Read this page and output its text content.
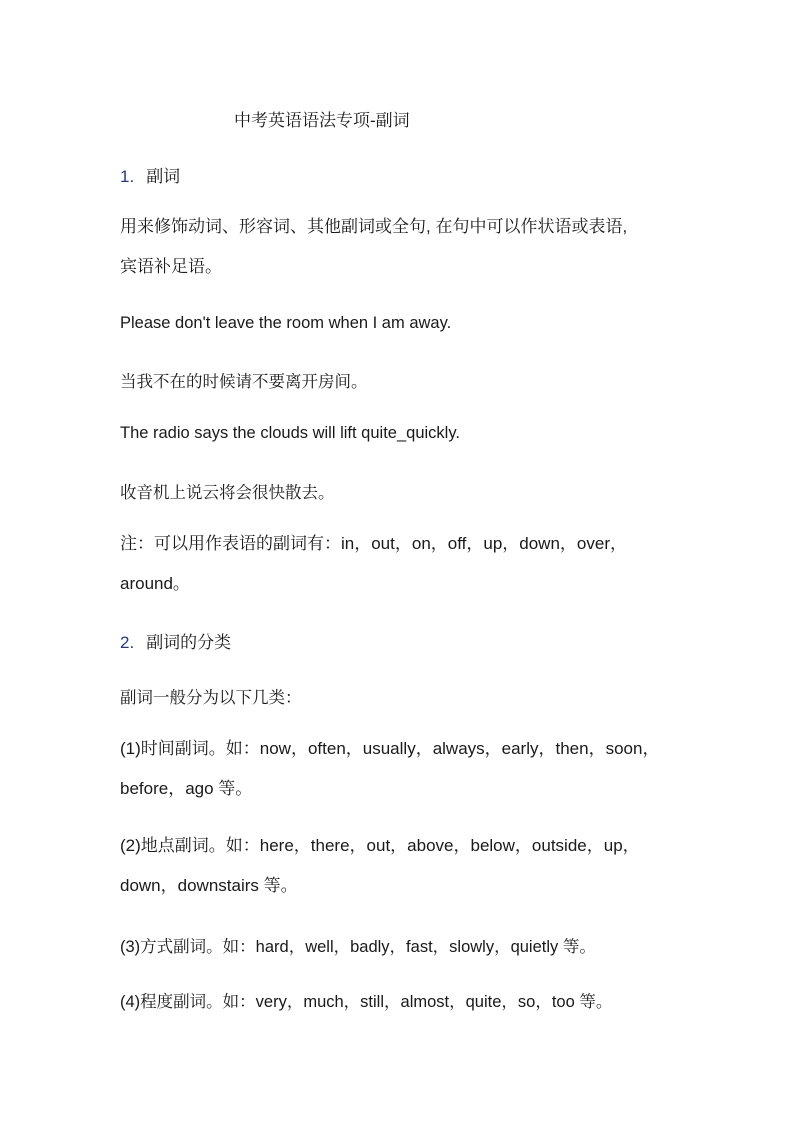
中考英语语法专项-副词
1. 副词
用来修饰动词、形容词、其他副词或全句, 在句中可以作状语或表语,
宾语补足语。
Please don't leave the room when I am away.
当我不在的时候请不要离开房间。
The radio says the clouds will lift quite_quickly.
收音机上说云将会很快散去。
注：可以用作表语的副词有：in，out，on，off，up，down，over，
around。
2. 副词的分类
副词一般分为以下几类：
(1)时间副词。如：now，often，usually，always，early，then，soon，
before，ago 等。
(2)地点副词。如：here，there，out，above，below，outside，up，
down，downstairs 等。
(3)方式副词。如：hard，well，badly，fast，slowly，quietly 等。
(4)程度副词。如：very，much，still，almost，quite，so，too 等。
